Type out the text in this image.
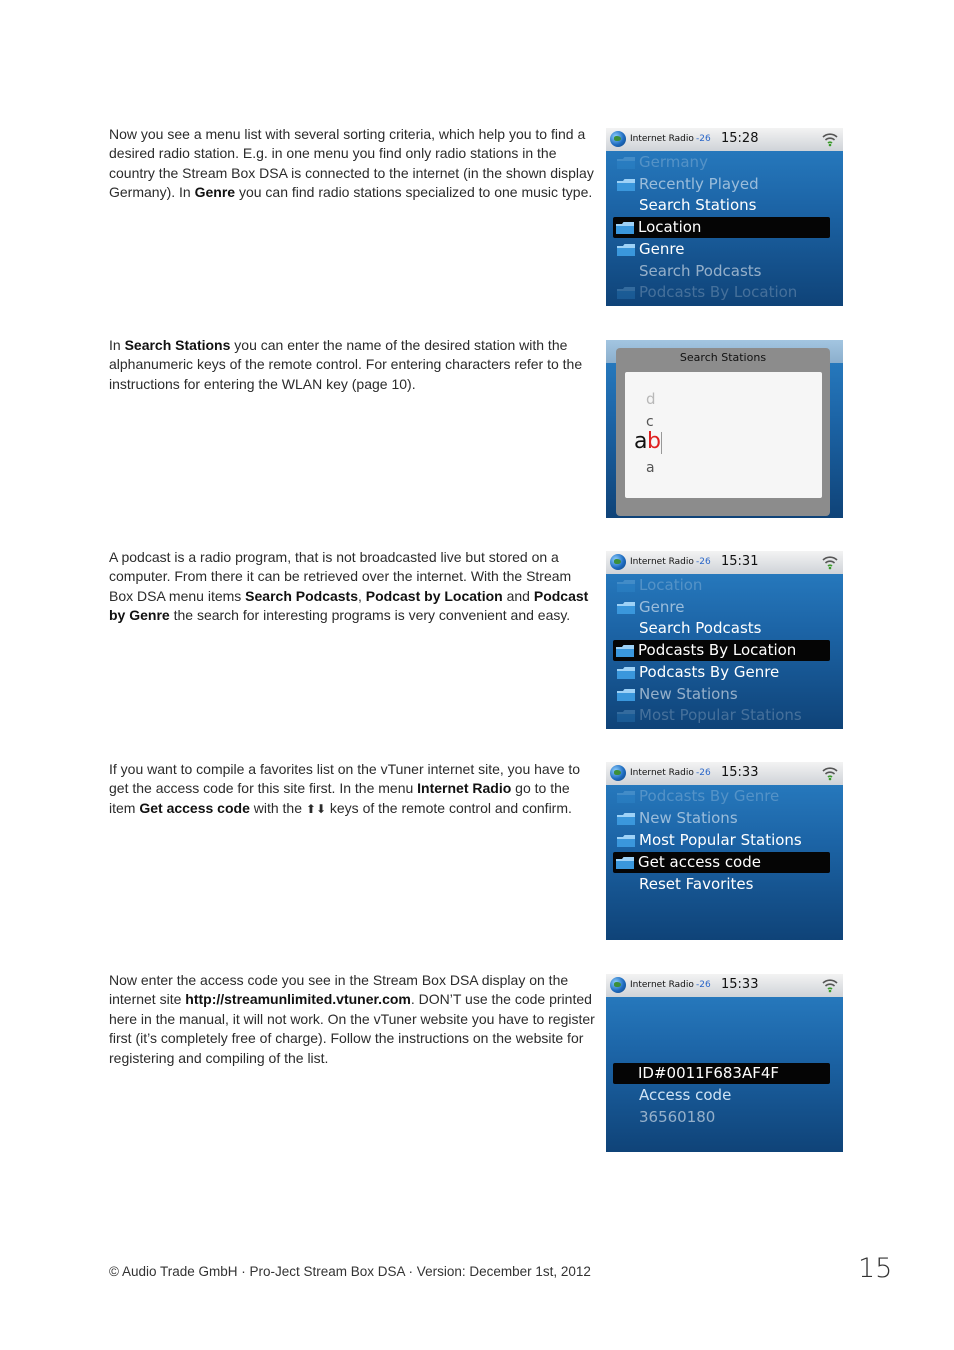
Now you see a menu list with several sorting criteria, which help you to find a desired radio station. E.g. in one menu you find only radio stations in the country the Stream Box DSA is connected to the internet (in the shown display Germany). In Genre you can find radio stations specialized to one music type.
Internet Radio -26 15:28
Germany
Recently Played
Search Stations
Location
Genre
Search Podcasts
Podcasts By Location
In Search Stations you can enter the name of the desired station with the alphanumeric keys of the remote control. For entering characters refer to the instructions for entering the WLAN key (page 10).
Search Stations
d
c
a b
a
A podcast is a radio program, that is not broadcasted live but stored on a computer. From there it can be retrieved over the internet. With the Stream Box DSA menu items Search Podcasts, Podcast by Location and Podcast by Genre the search for interesting programs is very convenient and easy.
Internet Radio -26 15:31
Location
Genre
Search Podcasts
Podcasts By Location
Podcasts By Genre
New Stations
Most Popular Stations
If you want to compile a favorites list on the vTuner internet site, you have to get the access code for this site first. In the menu Internet Radio go to the item Get access code with the ⬆⬇ keys of the remote control and confirm.
Internet Radio -26 15:33
Podcasts By Genre
New Stations
Most Popular Stations
Get access code
Reset Favorites
Now enter the access code you see in the Stream Box DSA display on the internet site http://streamunlimited.vtuner.com. DON’T use the code printed here in the manual, it will not work. On the vTuner website you have to register first (it’s completely free of charge). Follow the instructions on the website for registering and compiling of the list.
Internet Radio -26 15:33
ID#0011F683AF4F
Access code
36560180
© Audio Trade GmbH · Pro-Ject Stream Box DSA · Version: December 1st, 2012	15
